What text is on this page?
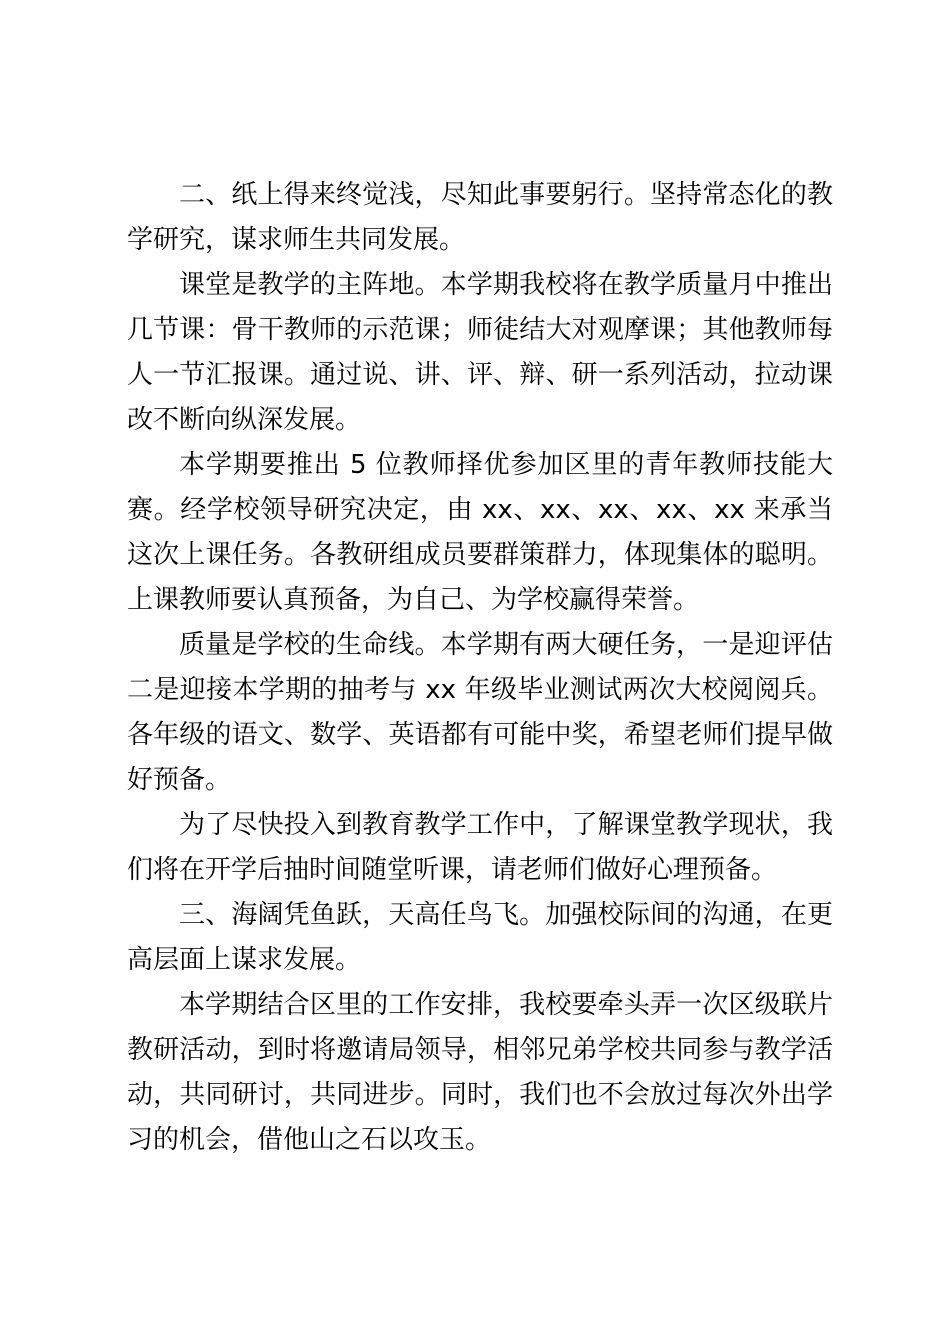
二、纸上得来终觉浅，尽知此事要躬行。坚持常态化的教学研究，谋求师生共同发展。

课堂是教学的主阵地。本学期我校将在教学质量月中推出几节课：骨干教师的示范课；师徒结大对观摩课；其他教师每人一节汇报课。通过说、讲、评、辩、研一系列活动，拉动课改不断向纵深发展。

本学期要推出 5 位教师择优参加区里的青年教师技能大赛。经学校领导研究决定，由 xx、xx、xx、xx、xx 来承当这次上课任务。各教研组成员要群策群力，体现集体的聪明。上课教师要认真预备，为自己、为学校赢得荣誉。

质量是学校的生命线。本学期有两大硬任务，一是迎评估二是迎接本学期的抽考与 xx 年级毕业测试两次大校阅阅兵。各年级的语文、数学、英语都有可能中奖，希望老师们提早做好预备。

为了尽快投入到教育教学工作中，了解课堂教学现状，我们将在开学后抽时间随堂听课，请老师们做好心理预备。

三、海阔凭鱼跃，天高任鸟飞。加强校际间的沟通，在更高层面上谋求发展。

本学期结合区里的工作安排，我校要牵头弄一次区级联片教研活动，到时将邀请局领导，相邻兄弟学校共同参与教学活动，共同研讨，共同进步。同时，我们也不会放过每次外出学习的机会，借他山之石以攻玉。
